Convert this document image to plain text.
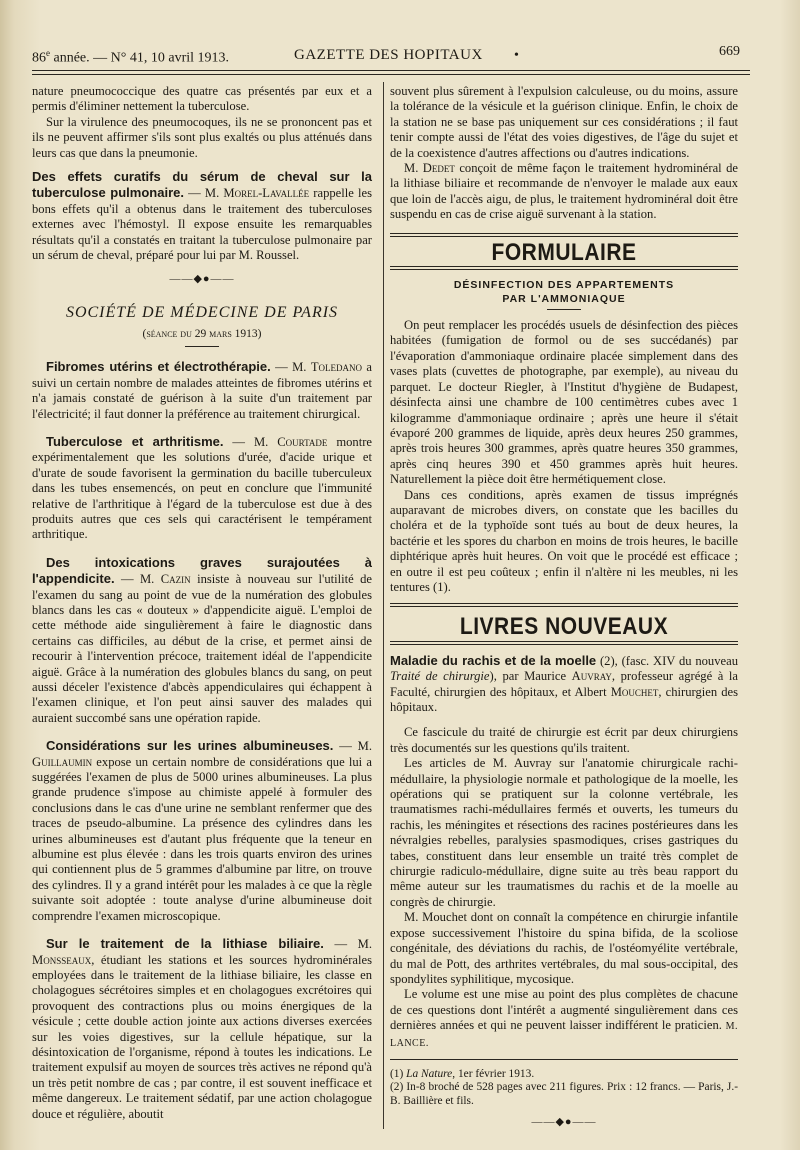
86e année. — N° 41, 10 avril 1913.	GAZETTE DES HOPITAUX •	669

nature pneumococcique des quatre cas présentés par eux et a permis d'éliminer nettement la tuberculose.

Sur la virulence des pneumocoques, ils ne se prononcent pas et ils ne peuvent affirmer s'ils sont plus exaltés ou plus atténués dans leurs cas que dans la pneumonie.

Des effets curatifs du sérum de cheval sur la tuberculose pulmonaire. — M. Morel-Lavallée rappelle les bons effets qu'il a obtenus dans le traitement des tuberculoses externes avec l'hémostyl. Il expose ensuite les remarquables résultats qu'il a constatés en traitant la tuberculose pulmonaire par un sérum de cheval, préparé pour lui par M. Roussel.

——◆●——

SOCIÉTÉ DE MÉDECINE DE PARIS

(séance du 29 mars 1913)

Fibromes utérins et électrothérapie. — M. Toledano a suivi un certain nombre de malades atteintes de fibromes utérins et n'a jamais constaté de guérison à la suite d'un traitement par l'électricité; il faut donner la préférence au traitement chirurgical.

Tuberculose et arthritisme. — M. Courtade montre expérimentalement que les solutions d'urée, d'acide urique et d'urate de soude favorisent la germination du bacille tuberculeux dans les tubes ensemencés, on peut en conclure que l'immunité relative de l'arthritique à l'égard de la tuberculose est due à des produits autres que ces sels qui caractérisent le tempérament arthritique.

Des intoxications graves surajoutées à l'appendicite. — M. Cazin insiste à nouveau sur l'utilité de l'examen du sang au point de vue de la numération des globules blancs dans les cas « douteux » d'appendicite aiguë. L'emploi de cette méthode aide singulièrement à faire le diagnostic dans certains cas difficiles, au début de la crise, et permet ainsi de recourir à l'intervention précoce, traitement idéal de l'appendicite aiguë. Grâce à la numération des globules blancs du sang, on peut aussi déceler l'existence d'abcès appendiculaires qui échappent à l'examen clinique, et l'on peut ainsi sauver des malades qui auraient succombé sans une opération rapide.

Considérations sur les urines albumineuses. — M. Guillaumin expose un certain nombre de considérations que lui a suggérées l'examen de plus de 5000 urines albumineuses. La plus grande prudence s'impose au chimiste appelé à formuler des conclusions dans le cas d'une urine ne semblant renfermer que des traces de pseudo-albumine. La présence des cylindres dans les urines albumineuses est d'autant plus fréquente que la teneur en albumine est plus élevée : dans les trois quarts environ des urines qui contiennent plus de 5 grammes d'albumine par litre, on trouve des cylindres. Il y a grand intérêt pour les malades à ce que la règle suivante soit adoptée : toute analyse d'urine albumineuse doit comprendre l'examen microscopique.

Sur le traitement de la lithiase biliaire. — M. Monsseaux, étudiant les stations et les sources hydrominérales employées dans le traitement de la lithiase biliaire, les classe en cholagogues sécrétoires simples et en cholagogues excrétoires qui provoquent des contractions plus ou moins énergiques de la vésicule ; cette double action jointe aux actions diverses exercées sur les voies digestives, sur la cellule hépatique, sur la désintoxication de l'organisme, répond à toutes les indications. Le traitement expulsif au moyen de sources très actives ne répond qu'à un très petit nombre de cas ; par contre, il est souvent inefficace et même dangereux. Le traitement sédatif, par une action cholagogue douce et régulière, aboutit

souvent plus sûrement à l'expulsion calculeuse, ou du moins, assure la tolérance de la vésicule et la guérison clinique. Enfin, le choix de la station ne se base pas uniquement sur ces considérations ; il faut tenir compte aussi de l'état des voies digestives, de l'âge du sujet et de la coexistence d'autres affections ou d'autres indications.

M. Dedet conçoit de même façon le traitement hydrominéral de la lithiase biliaire et recommande de n'envoyer le malade aux eaux que loin de l'accès aigu, de plus, le traitement hydrominéral doit être suspendu en cas de crise aiguë survenant à la station.

FORMULAIRE

DÉSINFECTION DES APPARTEMENTS

PAR L'AMMONIAQUE

On peut remplacer les procédés usuels de désinfection des pièces habitées (fumigation de formol ou de ses succédanés) par l'évaporation d'ammoniaque ordinaire placée simplement dans des vases plats (cuvettes de photographe, par exemple), au niveau du parquet. Le docteur Riegler, à l'Institut d'hygiène de Budapest, désinfecta ainsi une chambre de 100 centimètres cubes avec 1 kilogramme d'ammoniaque ordinaire ; après une heure il s'était évaporé 200 grammes de liquide, après deux heures 250 grammes, après trois heures 300 grammes, après quatre heures 350 grammes, après cinq heures 390 et 450 grammes après huit heures. Naturellement la pièce doit être hermétiquement close.

Dans ces conditions, après examen de tissus imprégnés auparavant de microbes divers, on constate que les bacilles du choléra et de la typhoïde sont tués au bout de deux heures, la bactérie et les spores du charbon en moins de trois heures, le bacille diphtérique après huit heures. On voit que le procédé est efficace ; en outre il est peu coûteux ; enfin il n'altère ni les meubles, ni les tentures (1).

LIVRES NOUVEAUX

Maladie du rachis et de la moelle (2), (fasc. XIV du nouveau Traité de chirurgie), par Maurice Auvray, professeur agrégé à la Faculté, chirurgien des hôpitaux, et Albert Mouchet, chirurgien des hôpitaux.

Ce fascicule du traité de chirurgie est écrit par deux chirurgiens très documentés sur les questions qu'ils traitent.

Les articles de M. Auvray sur l'anatomie chirurgicale rachi-médullaire, la physiologie normale et pathologique de la moelle, les opérations qui se pratiquent sur la colonne vertébrale, les traumatismes rachi-médullaires fermés et ouverts, les tumeurs du rachis, les méningites et résections des racines postérieures dans les névralgies rebelles, paralysies spasmodiques, crises gastriques du tabes, constituent dans leur ensemble un traité très complet de chirurgie radiculo-médullaire, digne suite au très beau rapport du même auteur sur les traumatismes du rachis et de la moelle au congrès de chirurgie.

M. Mouchet dont on connaît la compétence en chirurgie infantile expose successivement l'histoire du spina bifida, de la scoliose congénitale, des déviations du rachis, de l'ostéomyélite vertébrale, du mal de Pott, des arthrites vertébrales, du mal sous-occipital, des spondylites syphilitique, mycosique.

Le volume est une mise au point des plus complètes de chacune de ces questions dont l'intérêt a augmenté singulièrement dans ces dernières années et qui ne peuvent laisser indifférent le praticien. M. LANCE.

(1) La Nature, 1er février 1913.

(2) In-8 broché de 528 pages avec 211 figures. Prix : 12 francs. — Paris, J.-B. Baillière et fils.

——◆●——
